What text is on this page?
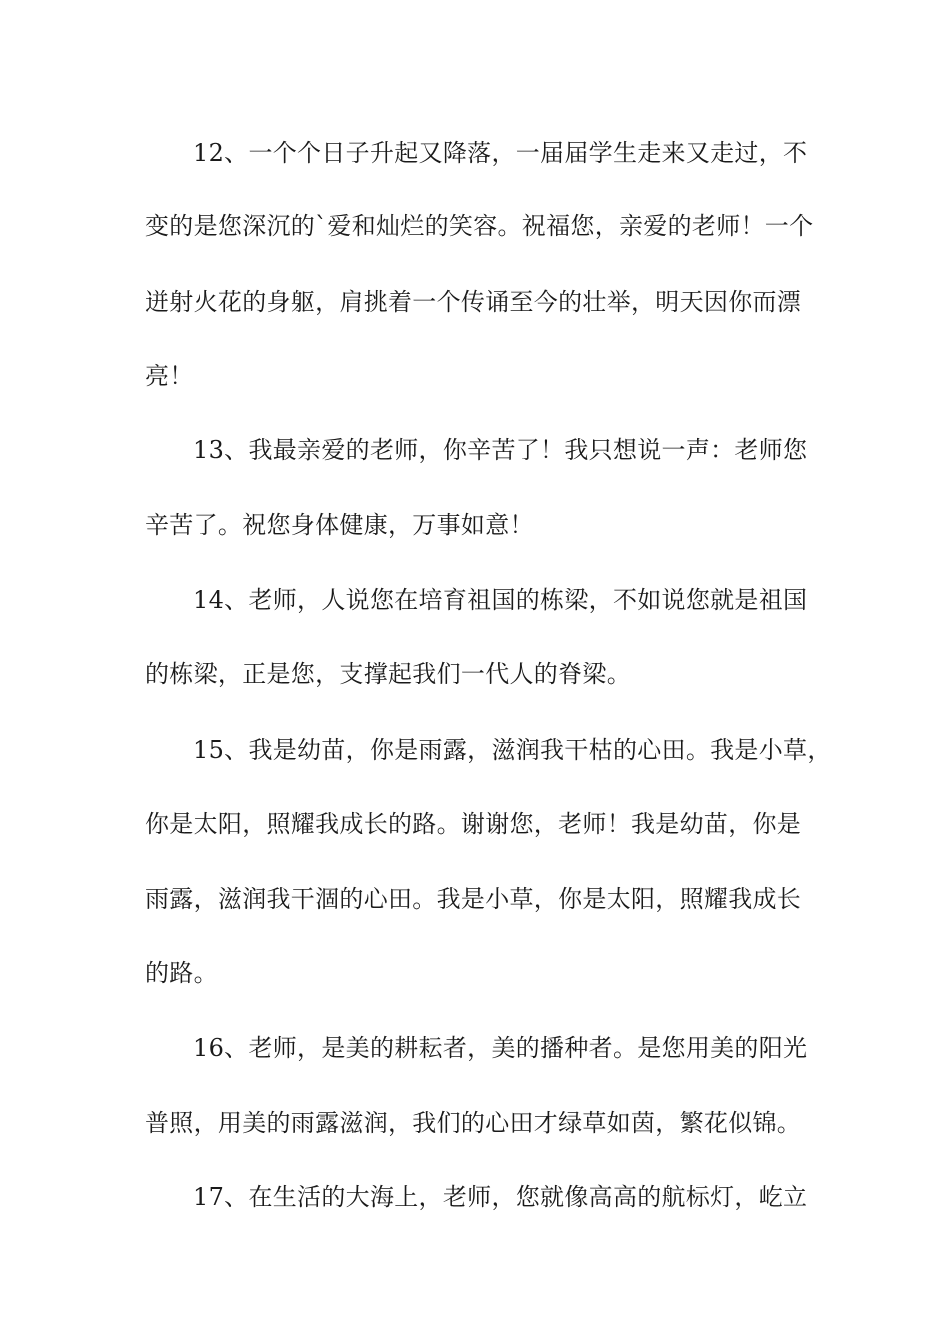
12、一个个日子升起又降落，一届届学生走来又走过，不
变的是您深沉的`爱和灿烂的笑容。祝福您，亲爱的老师！一个
迸射火花的身躯，肩挑着一个传诵至今的壮举，明天因你而漂
亮！
13、我最亲爱的老师，你辛苦了！我只想说一声：老师您
辛苦了。祝您身体健康，万事如意！
14、老师，人说您在培育祖国的栋梁，不如说您就是祖国
的栋梁，正是您，支撑起我们一代人的脊梁。
15、我是幼苗，你是雨露，滋润我干枯的心田。我是小草，
你是太阳，照耀我成长的路。谢谢您，老师！我是幼苗，你是
雨露，滋润我干涸的心田。我是小草，你是太阳，照耀我成长
的路。
16、老师，是美的耕耘者，美的播种者。是您用美的阳光
普照，用美的雨露滋润，我们的心田才绿草如茵，繁花似锦。
17、在生活的大海上，老师，您就像高高的航标灯，屹立
